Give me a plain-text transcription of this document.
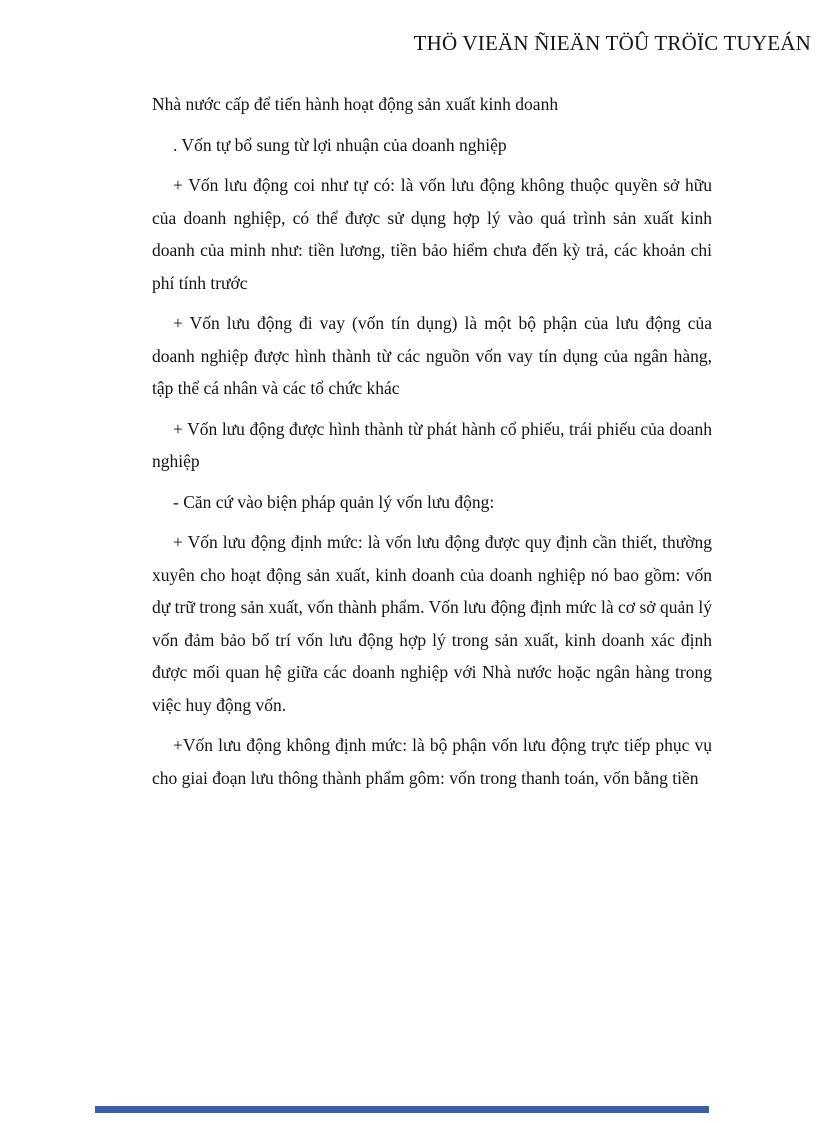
THÖ VIEÄN ÑIEÄN TÖÛ TRÖÏC TUYEÁN

Nhà nước cấp để tiến hành hoạt động sản xuất kinh doanh

. Vốn tự bổ sung từ lợi nhuận của doanh nghiệp

+ Vốn lưu động coi như tự có: là vốn lưu động không thuộc quyền sở hữu của doanh nghiệp, có thể được sử dụng hợp lý vào quá trình sản xuất kinh doanh của minh như: tiền lương, tiền bảo hiểm chưa đến kỳ trả, các khoản chi phí tính trước

+ Vốn lưu động đi vay (vốn tín dụng) là một bộ phận của lưu động của doanh nghiệp được hình thành từ các nguồn vốn vay tín dụng của ngân hàng, tập thể cá nhân và các tổ chức khác

+ Vốn lưu động được hình thành từ phát hành cổ phiếu, trái phiếu của doanh nghiệp

- Căn cứ vào biện pháp quản lý vốn lưu động:

+ Vốn lưu động định mức: là vốn lưu động được quy định cần thiết, thường xuyên cho hoạt động sản xuất, kinh doanh của doanh nghiệp nó bao gồm: vốn dự trữ trong sản xuất, vốn thành phẩm. Vốn lưu động định mức là cơ sở quản lý vốn đảm bảo bố trí vốn lưu động hợp lý trong sản xuất, kinh doanh xác định được mối quan hệ giữa các doanh nghiệp với Nhà nước hoặc ngân hàng trong việc huy động vốn.

+Vốn lưu động không định mức: là bộ phận vốn lưu động trực tiếp phục vụ cho giai đoạn lưu thông thành phẩm gôm: vốn trong thanh toán, vốn bằng tiền
